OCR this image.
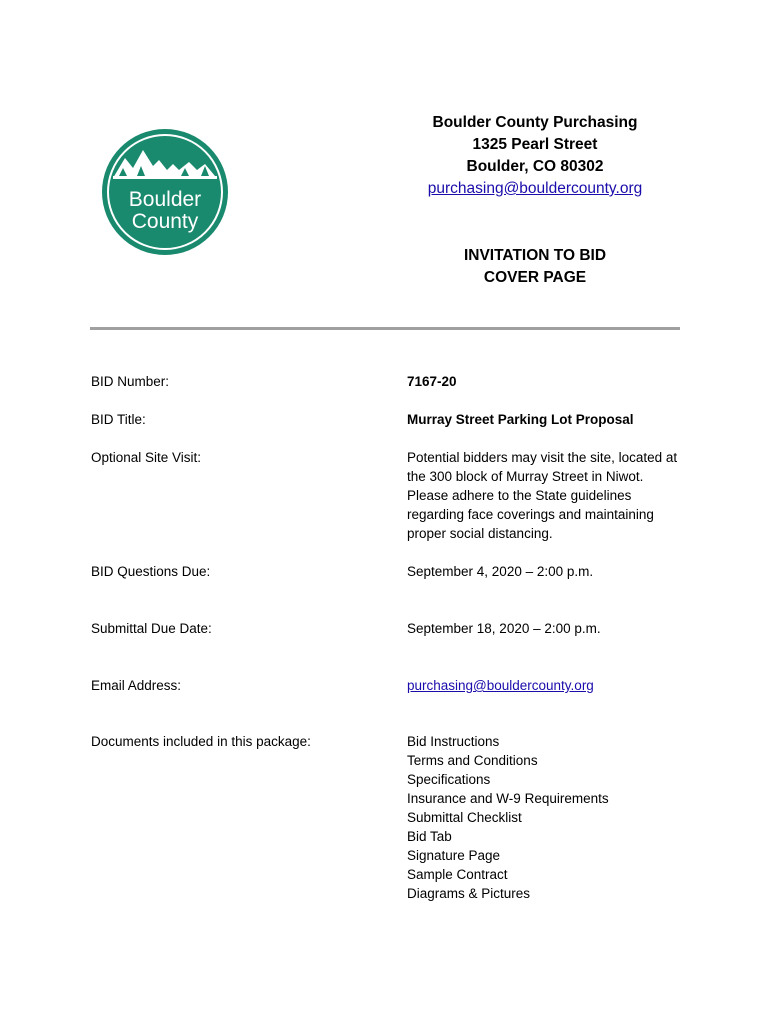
Boulder
County
Boulder County Purchasing
1325 Pearl Street
Boulder, CO 80302
purchasing@bouldercounty.org
INVITATION TO BID
COVER PAGE
BID Number:	7167-20
BID Title:	Murray Street Parking Lot Proposal
Optional Site Visit:	Potential bidders may visit the site, located at the 300 block of Murray Street in Niwot. Please adhere to the State guidelines regarding face coverings and maintaining proper social distancing.
BID Questions Due:	September 4, 2020 – 2:00 p.m.
Submittal Due Date:	September 18, 2020 – 2:00 p.m.
Email Address:	purchasing@bouldercounty.org
Documents included in this package:	Bid Instructions
Terms and Conditions
Specifications
Insurance and W-9 Requirements
Submittal Checklist
Bid Tab
Signature Page
Sample Contract
Diagrams & Pictures
